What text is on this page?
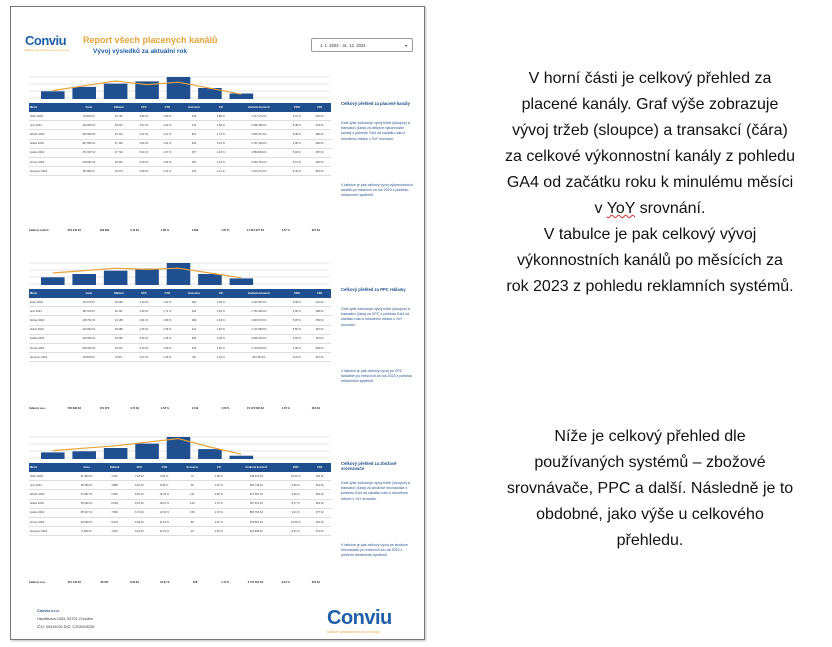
Conviu
Datové vyhodnocení pro e-shopy
Report všech placených kanálů
Vývoj výsledků za aktuální rok
1. 1. 2024 - 31. 12. 2024	▾
Měsíc	Cena	Kliknutí	CPC	CTR	Konverze	CR	Hodnota konverzí	PNO	CPA
leden 2024	97 862 Kč	19 751	4,96 Kč	1,90 %	374	1,89 %	1 417 971 Kč	6,97 %	261 Kč
únor 2024	114 960 Kč	29 027	4,07 Kč	2,02 %	479	1,58 %	2 096 384 Kč	5,48 %	279 Kč
březen 2024	150 953 Kč	31 313	6,32 Kč	2,27 %	847	1,74 %	2 890 371 Kč	5,38 %	386 Kč
duben 2024	187 850 Kč	37 149	6,84 Kč	1,91 %	661	1,51 %	3 797 394 Kč	4,95 %	284 Kč
květen 2024	271 607 Kč	47 742	5,04 Kč	1,67 %	977	1,46 %	4 584 981 Kč	5,93 %	287 Kč
červen 2024	149 687 Kč	36 921	6,09 Kč	1,66 %	497	1,01 %	2 049 751 Kč	6,14 %	304 Kč
červenec 2024	56 386 Kč	10 074	6,99 Kč	1,21 %	115	1,11 %	1 023 374 Kč	5,44 %	564 Kč
Celkový souhrn	979 443 Kč	190 609	5,14 Kč	1,86 %	3 993	1,67 %	17 921 377 Kč	5,47 %	327 Kč
Celkový přehled za placené kanály
Graf výše zobrazuje vývoj tržeb (sloupce) a transakcí (čára) za celkové výkonnostní kanály z pohledu GA4 od začátku roku k minulému měsíci v YoY srovnání.
V tabulce je pak celkový vývoj výkonnostních kanálů po měsících za rok 2023 z pohledu reklamních systémů.
Měsíc	Cena	Kliknutí	CPC	CTR	Konverze	CR	Hodnota konverzí	PNO	CPA
leden 2024	66 479 Kč	15 066	4,40 Kč	1,62 %	301	1,96 %	1 110 651 Kč	5,99 %	221 Kč
únor 2024	86 704 Kč	20 197	4,29 Kč	1,71 %	323	1,60 %	1 751 381 Kč	4,95 %	268 Kč
březen 2024	118 791 Kč	24 189	4,91 Kč	1,80 %	469	1,94 %	2 349 970 Kč	5,05 %	253 Kč
duben 2024	120 804 Kč	29 085	4,15 Kč	1,56 %	421	1,45 %	2 172 983 Kč	5,56 %	287 Kč
květen 2024	149 990 Kč	34 556	4,34 Kč	1,46 %	482	1,39 %	3 806 391 Kč	3,94 %	311 Kč
červen 2024	106 602 Kč	20 907	5,10 Kč	1,29 %	314	1,50 %	2 176 819 Kč	4,90 %	339 Kč
červenec 2024	46 878 Kč	8 567	5,47 Kč	1,26 %	89	1,04 %	323 154 Kč	6,94 %	527 Kč
Celkový sou...	732 299 Kč	151 072	4,74 Kč	1,53 %	2 314	1,53 %	15 173 000 Kč	4,76 %	312 Kč
Celkový přehled za PPC reklamy
Graf výše zobrazuje vývoj tržeb (sloupce) a transakcí (čára) za CPC z pohledu GA4 od začátku roku k minulému měsíci v YoY srovnání.
V tabulce je pak celkový vývoj po CPC kanálech po měsících za rok 2023 z pohledu reklamních systémů.
Měsíc	Cena	Kliknutí	CPC	CTR	Konverze	CR	Hodnota konverzí	PNO	CPA
leden 2024	31 383 Kč	4 297	7,18 Kč	6,94 %	73	1,68 %	295 670 Kč	10,62 %	429 Kč
únor 2024	28 255 Kč	4 880	6,20 Kč	8,69 %	96	1,97 %	283 742 Kč	9,95 %	313 Kč
březen 2024	44 687 Kč	6 966	6,50 Kč	16,79 %	127	1,83 %	447 697 Kč	9,96 %	353 Kč
duben 2024	58 026 Kč	8 069	6,97 Kč	19,67 %	160	1,73 %	657 670 Kč	8,77 %	362 Kč
květen 2024	95 617 Kč	7 800	6,70 Kč	12,62 %	156	1,79 %	880 703 Kč	9,01 %	377 Kč
červen 2024	36 099 Kč	5 614	6,99 Kč	11,01 %	85	1,51 %	153 822 Kč	16,56 %	416 Kč
červenec 2024	9 466 Kč	1 507	6,29 Kč	11,01 %	23	1,53 %	110 808 Kč	8,61 %	411 Kč
Celkový sou...	247 143 Kč	38 787	6,63 Kč	10,67 %	678	1,74 %	2 747 847 Kč	9,34 %	379 Kč
Celkový přehled za zbožové srovnávače
Graf výše zobrazuje vývoj tržeb (sloupce) a transakcí (čára) za zbožové srovnávače z pohledu GA4 od začátku roku k minulému měsíci v YoY srovnání.
V tabulce je pak celkový vývoj za zbožové srovnávače po měsících za rok 2023 z pohledu reklamních systémů.
Conviu s.r.o.
Havlíčkova 1053, 53701 Chrudim
IČO: 09419230 DIČ: CZ09419230	Conviu
Datové vyhodnocení pro e-shopy
V horní části je celkový přehled za
placené kanály. Graf výše zobrazuje
vývoj tržeb (sloupce) a transakcí (čára)
za celkové výkonnostní kanály z pohledu
GA4 od začátku roku k minulému měsíci
v YoY srovnání.
V tabulce je pak celkový vývoj
výkonnostních kanálů po měsících za
rok 2023 z pohledu reklamních systémů.
Níže je celkový přehled dle
používaných systémů – zbožové
srovnávače, PPC a další. Následně je to
obdobné, jako výše u celkového
přehledu.
